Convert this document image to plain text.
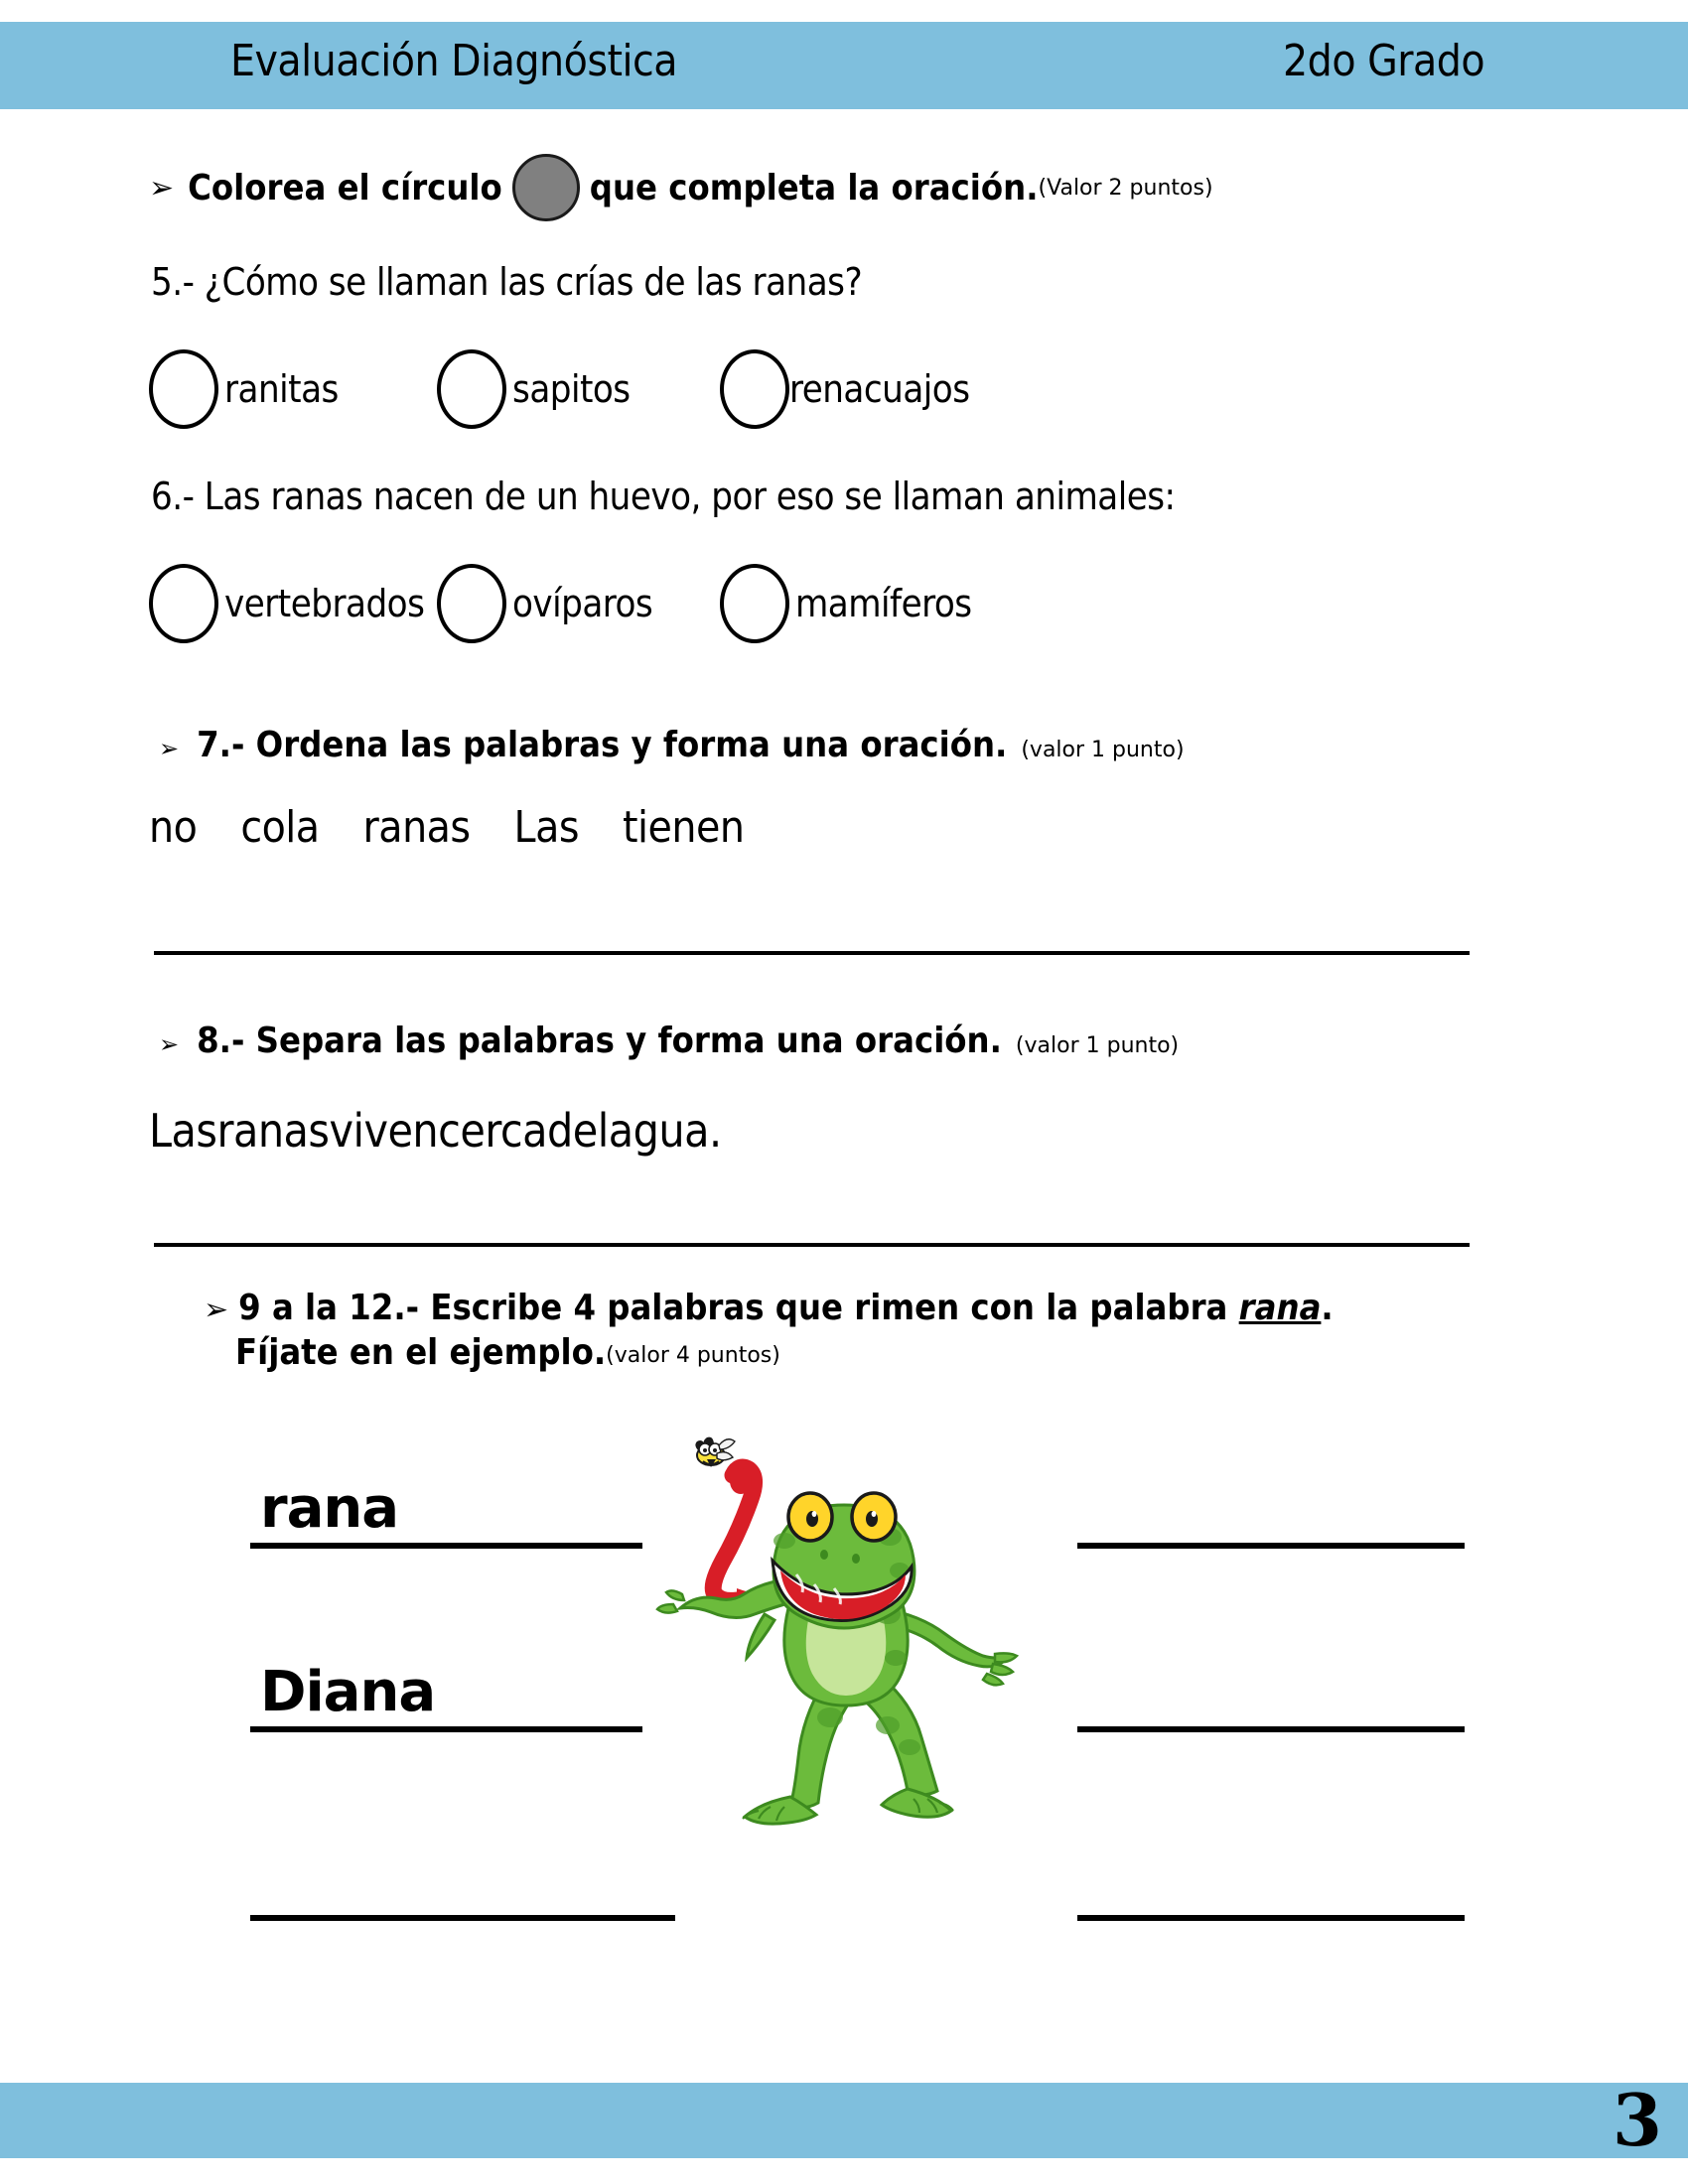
Evaluación Diagnóstica	2do Grado
➢ Colorea el círculo que completa la oración. (Valor 2 puntos)
5.- ¿Cómo se llaman las crías de las ranas?
ranitas	sapitos	renacuajos
6.- Las ranas nacen de un huevo, por eso se llaman animales:
vertebrados ovíparos	mamíferos
➢ 7.- Ordena las palabras y forma una oración. (valor 1 punto)
no cola ranas Las tienen
➢ 8.- Separa las palabras y forma una oración. (valor 1 punto)
Lasranasvivencercadelagua.
➢ 9 a la 12.- Escribe 4 palabras que rimen con la palabra rana.
Fíjate en el ejemplo.(valor 4 puntos)
rana
Diana
3
